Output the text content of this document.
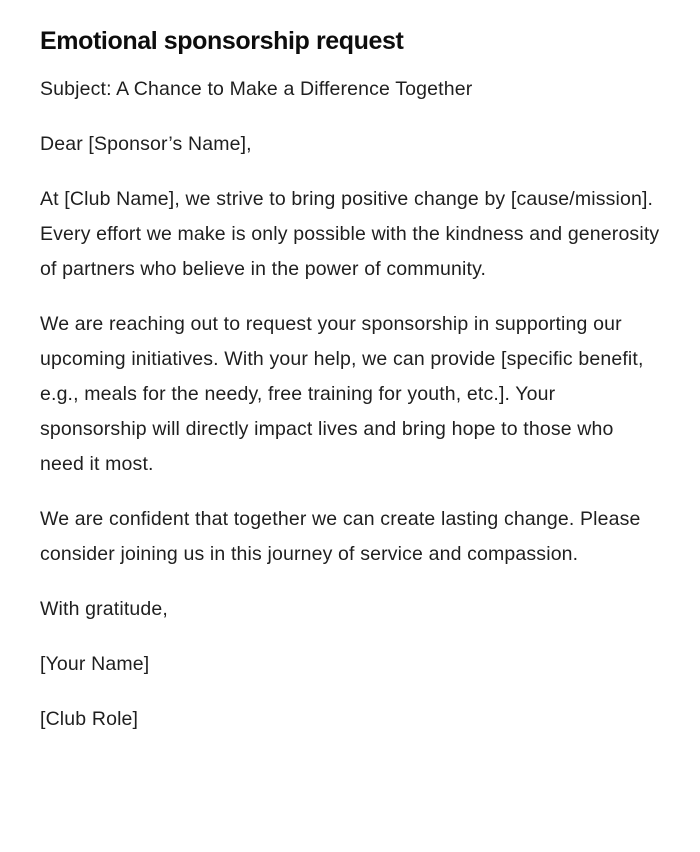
Emotional sponsorship request

Subject: A Chance to Make a Difference Together

Dear [Sponsor’s Name],

At [Club Name], we strive to bring positive change by [cause/mission]. Every effort we make is only possible with the kindness and generosity of partners who believe in the power of community.

We are reaching out to request your sponsorship in supporting our upcoming initiatives. With your help, we can provide [specific benefit, e.g., meals for the needy, free training for youth, etc.]. Your sponsorship will directly impact lives and bring hope to those who need it most.

We are confident that together we can create lasting change. Please consider joining us in this journey of service and compassion.

With gratitude,

[Your Name]

[Club Role]
